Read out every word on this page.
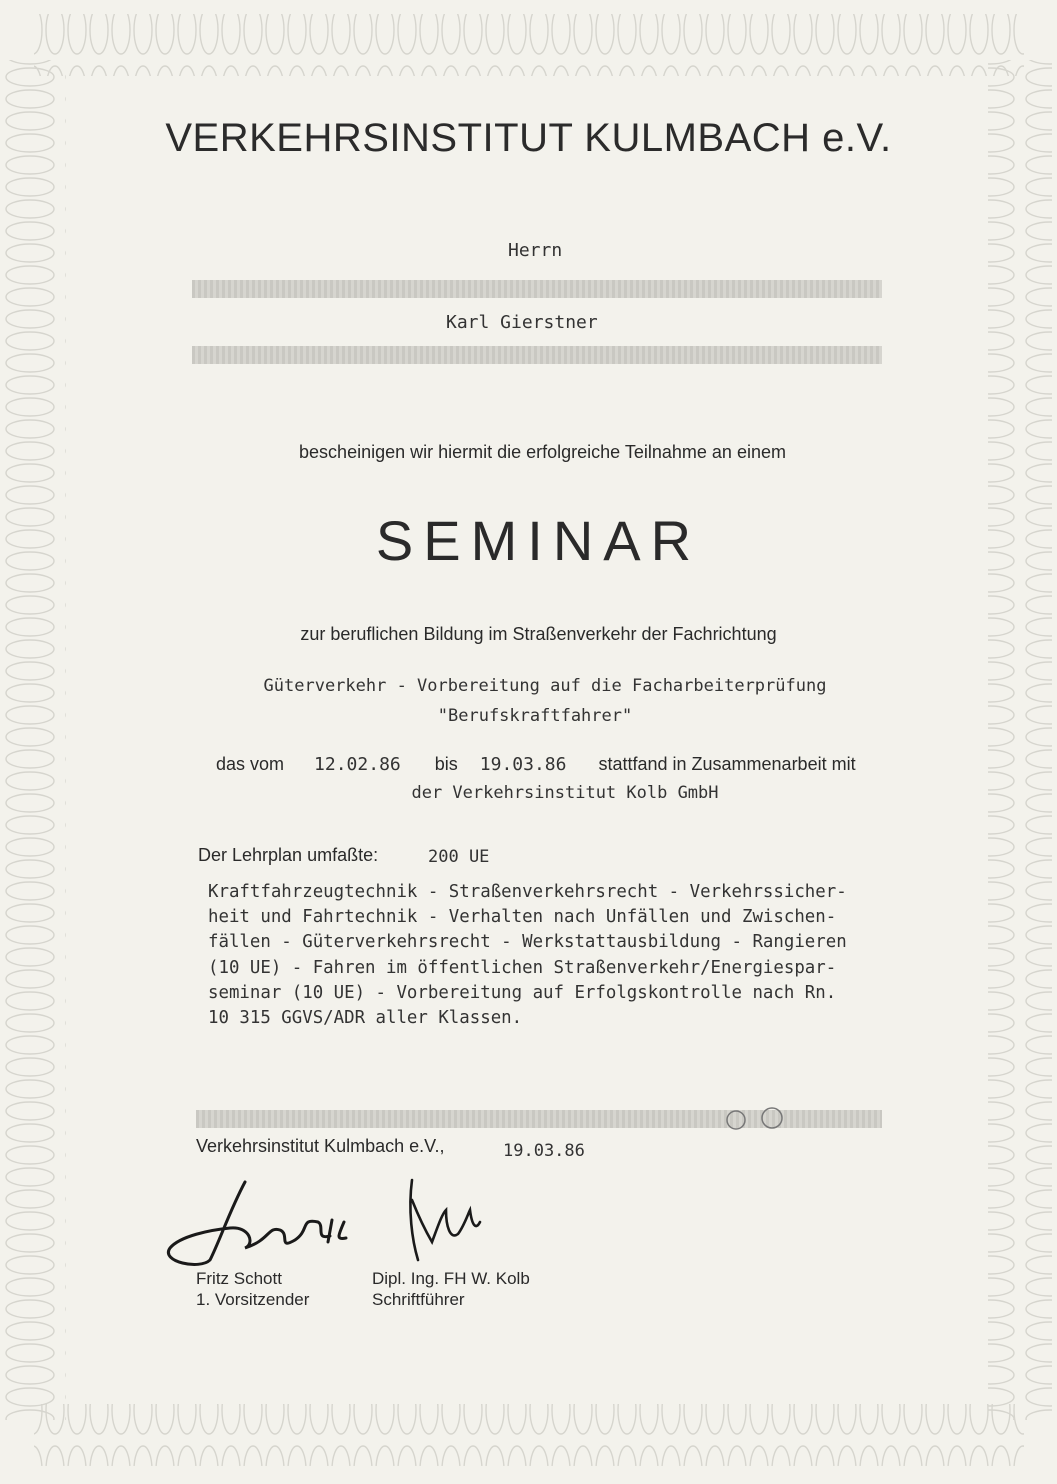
VERKEHRSINSTITUT KULMBACH e.V.
Herrn
Karl Gierstner
bescheinigen wir hiermit die erfolgreiche Teilnahme an einem
SEMINAR
zur beruflichen Bildung im Straßenverkehr der Fachrichtung
Güterverkehr - Vorbereitung auf die Facharbeiterprüfung
"Berufskraftfahrer"

das vom 12.02.86 bis 19.03.86 stattfand in Zusammenarbeit mit

der Verkehrsinstitut Kolb GmbH
Der Lehrplan umfaßte:	200 UE
Kraftfahrzeugtechnik - Straßenverkehrsrecht - Verkehrssicher-
heit und Fahrtechnik - Verhalten nach Unfällen und Zwischen-
fällen - Güterverkehrsrecht - Werkstattausbildung - Rangieren
(10 UE) - Fahren im öffentlichen Straßenverkehr/Energiespar-
seminar (10 UE) - Vorbereitung auf Erfolgskontrolle nach Rn.
10 315 GGVS/ADR aller Klassen.
Verkehrsinstitut Kulmbach e.V.,	19.03.86
Fritz Schott
1. Vorsitzender
Dipl. Ing. FH W. Kolb
Schriftführer
